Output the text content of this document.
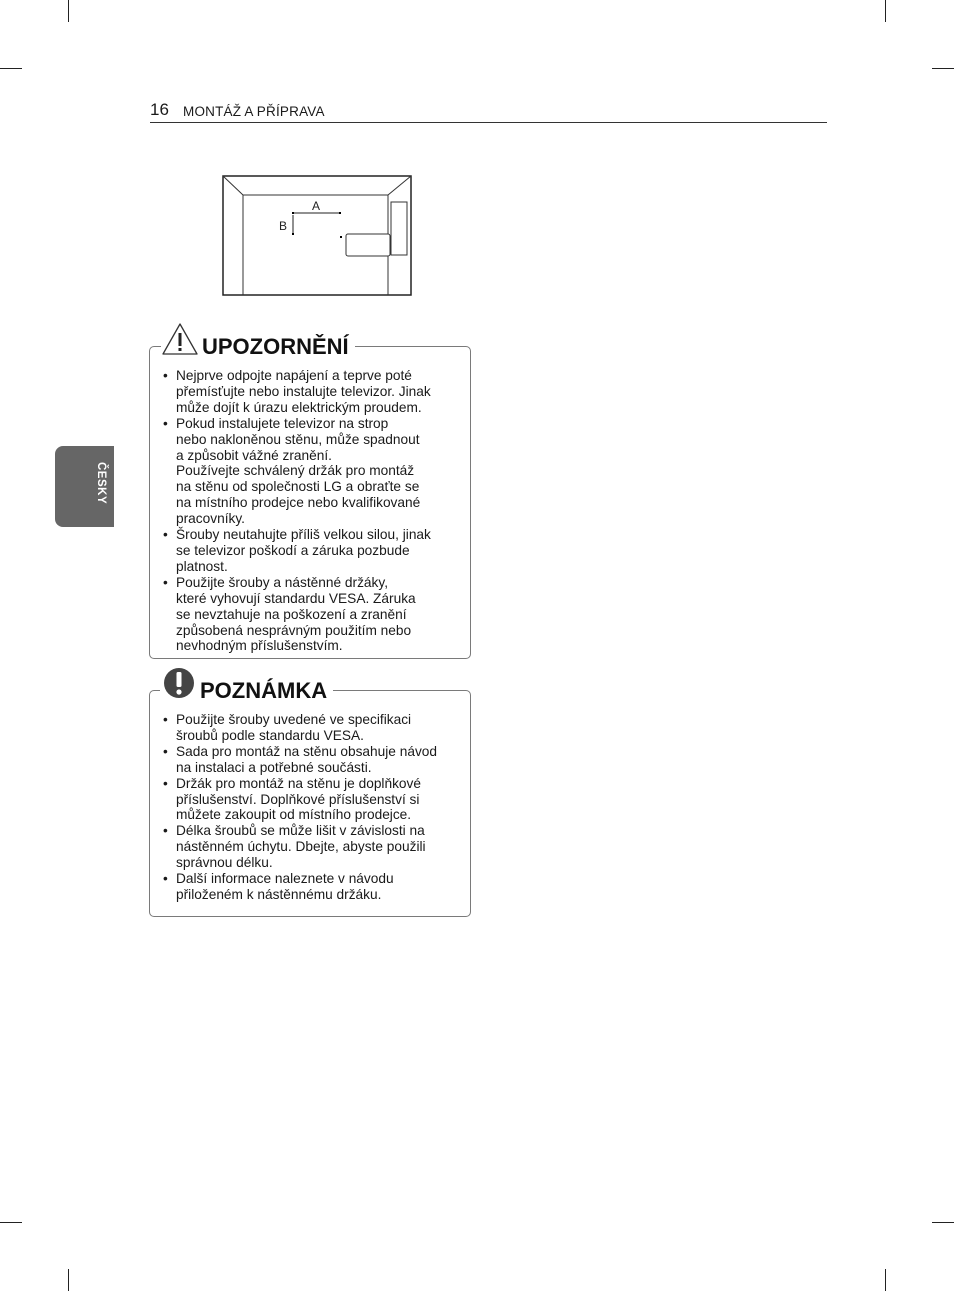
16 MONTÁŽ A PŘÍPRAVA
ČESKY
A
B
• Nejprve odpojte napájení a teprve poté
přemísťujte nebo instalujte televizor. Jinak
může dojít k úrazu elektrickým proudem.
• Pokud instalujete televizor na strop
nebo nakloněnou stěnu, může spadnout
a způsobit vážné zranění.
Používejte schválený držák pro montáž
na stěnu od společnosti LG a obraťte se
na místního prodejce nebo kvalifikované
pracovníky.
• Šrouby neutahujte příliš velkou silou, jinak
se televizor poškodí a záruka pozbude
platnost.
• Použijte šrouby a nástěnné držáky,
které vyhovují standardu VESA. Záruka
se nevztahuje na poškození a zranění
způsobená nesprávným použitím nebo
nevhodným příslušenstvím.
UPOZORNĚNÍ
• Použijte šrouby uvedené ve specifikaci
šroubů podle standardu VESA.
• Sada pro montáž na stěnu obsahuje návod
na instalaci a potřebné součásti.
• Držák pro montáž na stěnu je doplňkové
příslušenství. Doplňkové příslušenství si
můžete zakoupit od místního prodejce.
• Délka šroubů se může lišit v závislosti na
nástěnném úchytu. Dbejte, abyste použili
správnou délku.
• Další informace naleznete v návodu
přiloženém k nástěnnému držáku.
POZNÁMKA
